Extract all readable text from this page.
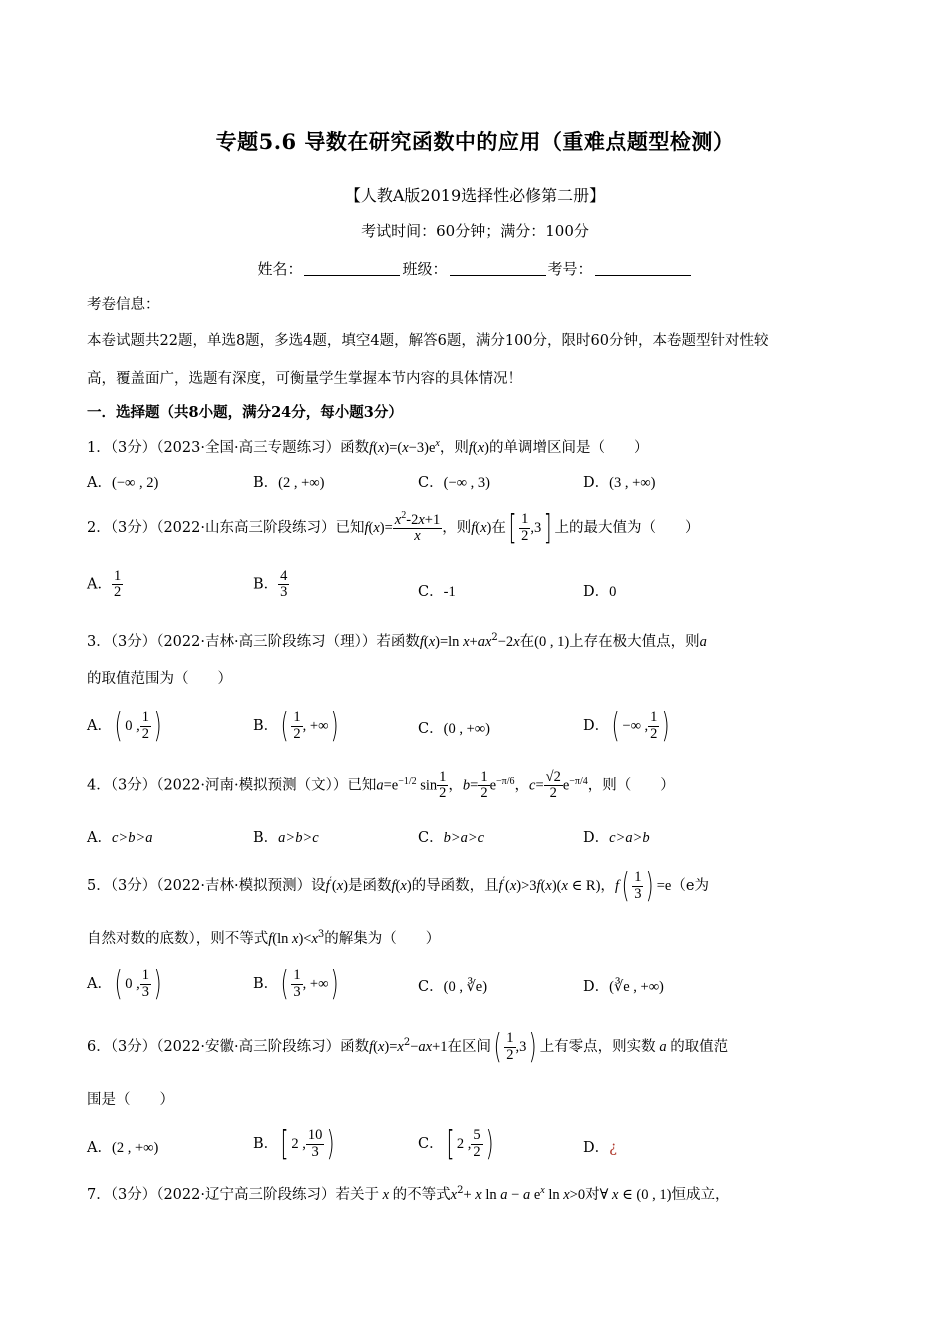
专题5.6 导数在研究函数中的应用（重难点题型检测）
【人教A版2019选择性必修第二册】
考试时间：60分钟；满分：100分
姓名：	班级：	考号：
考卷信息：
本卷试题共22题，单选8题，多选4题，填空4题，解答6题，满分100分，限时60分钟，本卷题型针对性较
高，覆盖面广，选题有深度，可衡量学生掌握本节内容的具体情况！
一．选择题（共8小题，满分24分，每小题3分）
1．（3分）（2023·全国·高三专题练习）函数$f(x)=(x-3)e^x$，则f(x)的单调增区间是（　　）
A．(−∞ , 2)	B．(2 , +∞)	C．(−∞ , 3)	D．(3 , +∞)
2．（3分）（2022·山东高三阶段练习）已知$f(x)= \frac{x^2-2x+1}{x}$ ，则f(x)在[ $\frac{1}{2} ,3$] 上的最大值为（　　）
A． $\frac{1}{2}$	B． $\frac{4}{3}$	C．-1	D．0
3．（3分）（2022·吉林·高三阶段练习（理））若函数f(x)=ln $x+ax^2-2x$在(0 , 1)上存在极大值点，则a
的取值范围为（　　）
A．( 0 , $\frac{1}{2}$ )	B．( $\frac{1}{2}$ , +∞)	C．(0 , +∞)	D．( −∞ , $\frac{1}{2}$ )
4．（3分）（2022·河南·模拟预测（文））已知$a=e^{-1/2}$ $\sin \frac{1}{2}$ ，$b= \frac{1}{2} e^{-\pi/6}$，$c= \frac{√2}{2} e^{-\pi/4}$，则（　　）
A．c>b>a	B．a>b>c	C．b>a>c	D．c>a>b
5．（3分）（2022·吉林·模拟预测）设f′(x)是函数f(x)的导函数，且f′(x)>3f(x)(x ∈ R)，$f( \frac{1}{3}$ ) =e（e为
自然对数的底数），则不等式f(ln $x)<x^3$的解集为（　　）
A．( 0 , $\frac{1}{3}$ )	B．( $\frac{1}{3}$ , +∞)	C．(0 , ∛e)	D．(∛e , +∞)
6．（3分）（2022·安徽·高三阶段练习）函数$f(x)=x^2-ax+1$在区间( $\frac{1}{2} ,3$) 上有零点，则实数 a 的取值范
围是（　　）
A．(2 , +∞)	B．[ 2 , $\frac{10}{3}$ )	C．[ 2 , $\frac{5}{2}$ )	D．¿
7．（3分）（2022·辽宁高三阶段练习）若关于 x 的不等式$x^2+ x$ ln a − a $e^x$ ln x>0对∀ x ∈ (0 , 1)恒成立，
